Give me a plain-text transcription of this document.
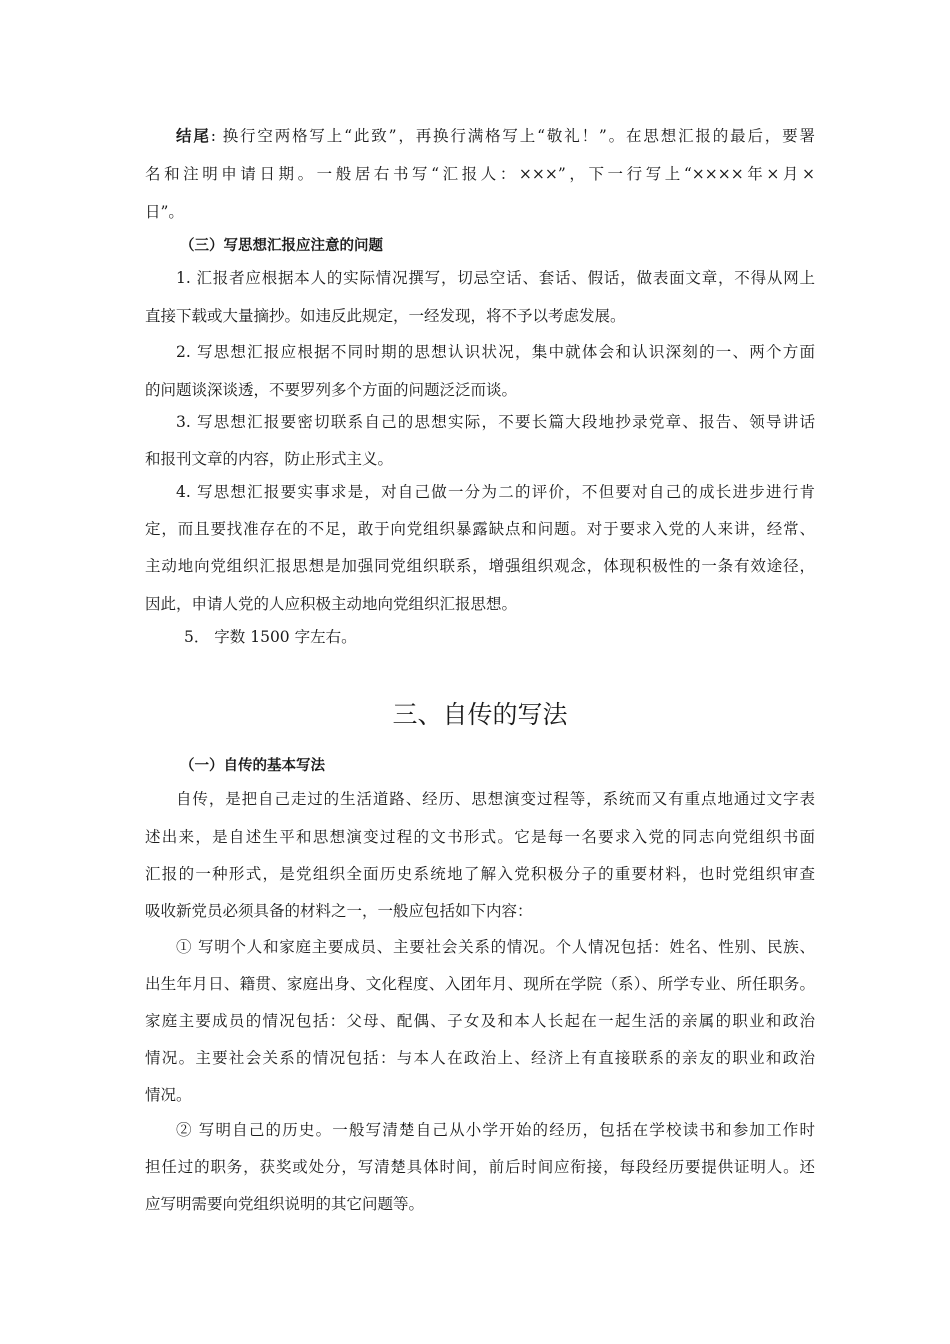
结尾: 换行空两格写上“此致”，再换行满格写上“敬礼！”。在思想汇报的最后，要署
名和注明申请日期。一般居右书写“汇报人：×××”，下一行写上“××××年×月×
日”。
（三）写思想汇报应注意的问题
1. 汇报者应根据本人的实际情况撰写，切忌空话、套话、假话，做表面文章，不得从网上
直接下载或大量摘抄。如违反此规定，一经发现，将不予以考虑发展。
2. 写思想汇报应根据不同时期的思想认识状况，集中就体会和认识深刻的一、两个方面
的问题谈深谈透，不要罗列多个方面的问题泛泛而谈。
3. 写思想汇报要密切联系自己的思想实际，不要长篇大段地抄录党章、报告、领导讲话
和报刊文章的内容，防止形式主义。
4. 写思想汇报要实事求是，对自己做一分为二的评价，不但要对自己的成长进步进行肯
定，而且要找准存在的不足，敢于向党组织暴露缺点和问题。对于要求入党的人来讲，经常、
主动地向党组织汇报思想是加强同党组织联系，增强组织观念，体现积极性的一条有效途径，
因此，申请人党的人应积极主动地向党组织汇报思想。
5． 字数 1500 字左右。
三、自传的写法
（一）自传的基本写法
自传，是把自己走过的生活道路、经历、思想演变过程等，系统而又有重点地通过文字表
述出来，是自述生平和思想演变过程的文书形式。它是每一名要求入党的同志向党组织书面
汇报的一种形式，是党组织全面历史系统地了解入党积极分子的重要材料，也时党组织审查
吸收新党员必须具备的材料之一，一般应包括如下内容：
① 写明个人和家庭主要成员、主要社会关系的情况。个人情况包括：姓名、性别、民族、
出生年月日、籍贯、家庭出身、文化程度、入团年月、现所在学院（系）、所学专业、所任职务。
家庭主要成员的情况包括：父母、配偶、子女及和本人长起在一起生活的亲属的职业和政治
情况。主要社会关系的情况包括：与本人在政治上、经济上有直接联系的亲友的职业和政治
情况。
② 写明自己的历史。一般写清楚自己从小学开始的经历，包括在学校读书和参加工作时
担任过的职务，获奖或处分，写清楚具体时间，前后时间应衔接，每段经历要提供证明人。还
应写明需要向党组织说明的其它问题等。
